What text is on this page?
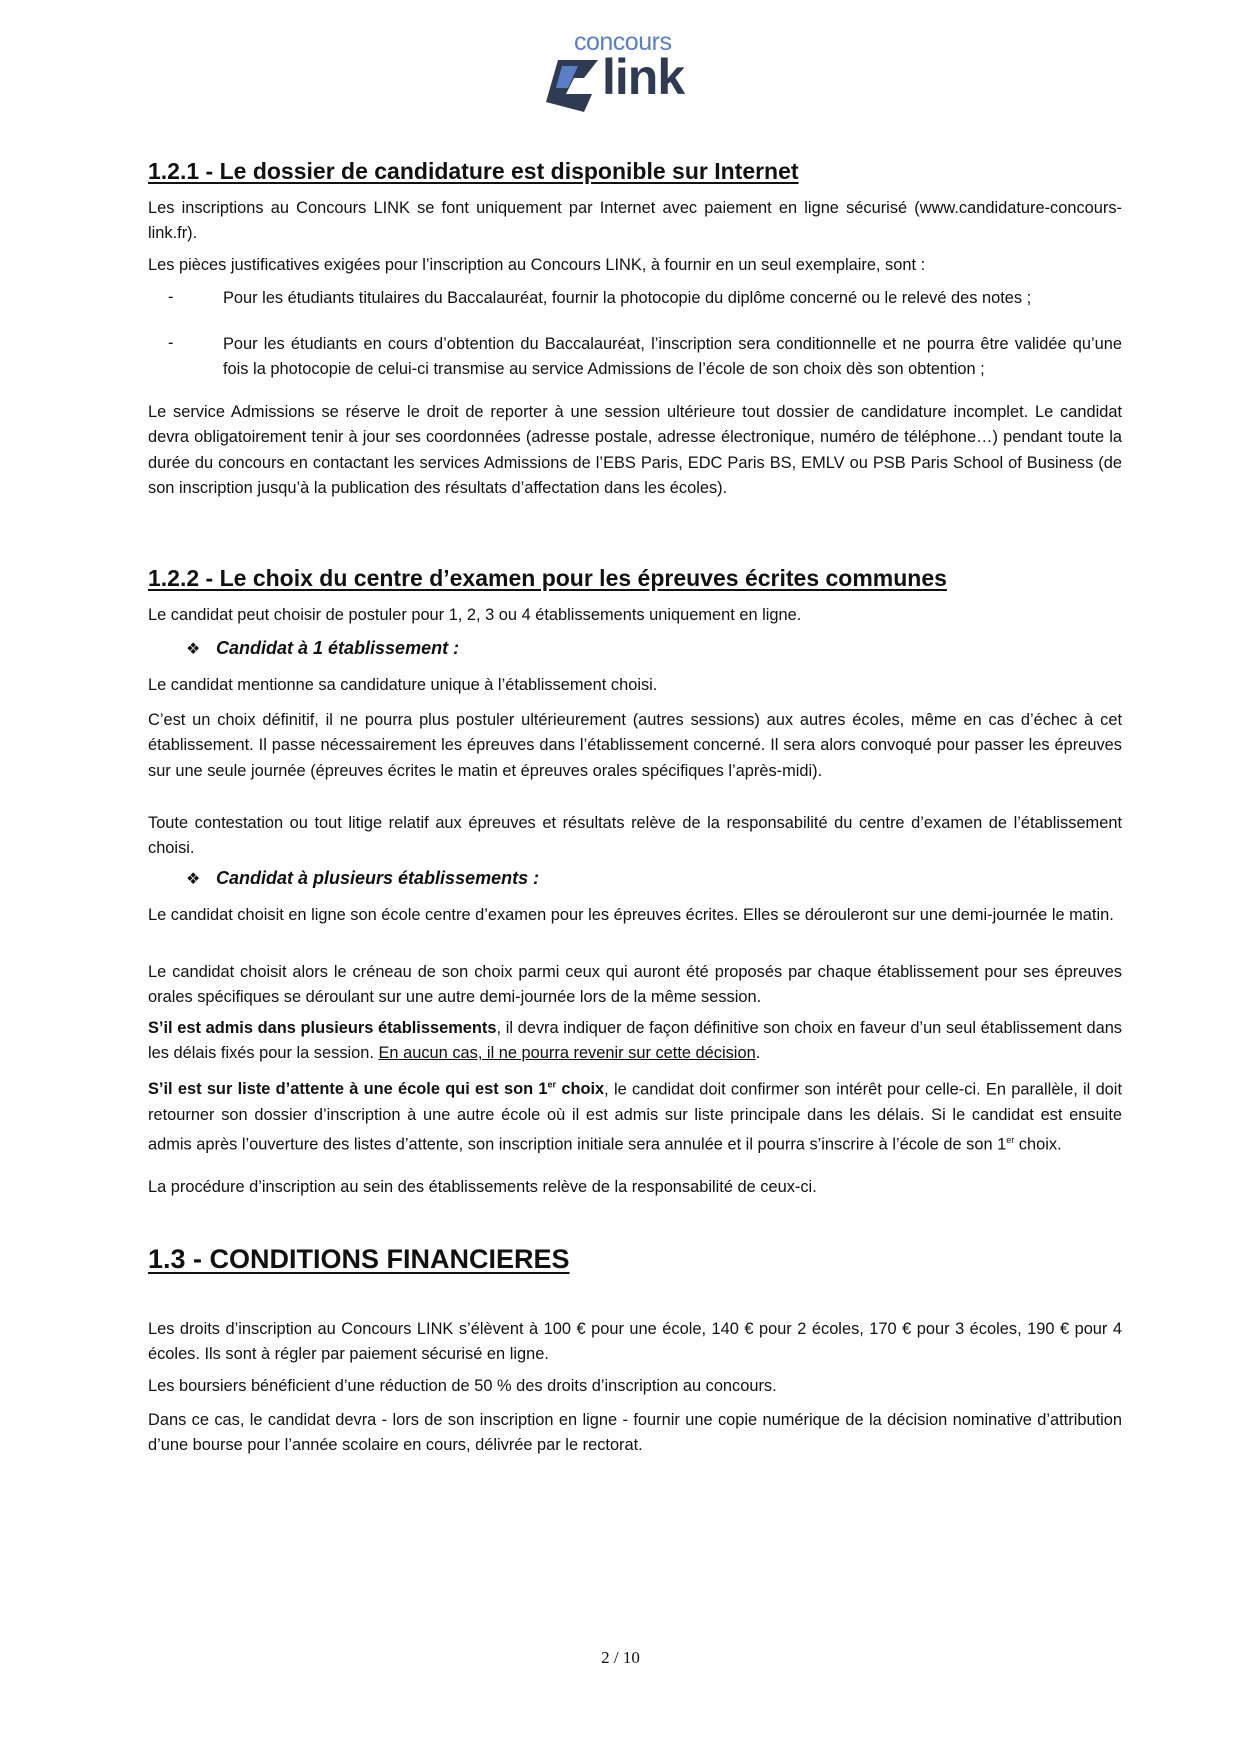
concours
link
1.2.1 - Le dossier de candidature est disponible sur Internet

Les inscriptions au Concours LINK se font uniquement par Internet avec paiement en ligne sécurisé (www.candidature-concours-link.fr).

Les pièces justificatives exigées pour l’inscription au Concours LINK, à fournir en un seul exemplaire, sont :

-	Pour les étudiants titulaires du Baccalauréat, fournir la photocopie du diplôme concerné ou le relevé des notes ;
-	Pour les étudiants en cours d’obtention du Baccalauréat, l’inscription sera conditionnelle et ne pourra être validée qu’une fois la photocopie de celui-ci transmise au service Admissions de l’école de son choix dès son obtention ;

Le service Admissions se réserve le droit de reporter à une session ultérieure tout dossier de candidature incomplet. Le candidat devra obligatoirement tenir à jour ses coordonnées (adresse postale, adresse électronique, numéro de téléphone…) pendant toute la durée du concours en contactant les services Admissions de l’EBS Paris, EDC Paris BS, EMLV ou PSB Paris School of Business (de son inscription jusqu’à la publication des résultats d’affectation dans les écoles).

1.2.2 - Le choix du centre d’examen pour les épreuves écrites communes

Le candidat peut choisir de postuler pour 1, 2, 3 ou 4 établissements uniquement en ligne.

❖ Candidat à 1 établissement :

Le candidat mentionne sa candidature unique à l’établissement choisi.

C’est un choix définitif, il ne pourra plus postuler ultérieurement (autres sessions) aux autres écoles, même en cas d’échec à cet établissement. Il passe nécessairement les épreuves dans l’établissement concerné. Il sera alors convoqué pour passer les épreuves sur une seule journée (épreuves écrites le matin et épreuves orales spécifiques l’après-midi).

Toute contestation ou tout litige relatif aux épreuves et résultats relève de la responsabilité du centre d’examen de l’établissement choisi.

❖ Candidat à plusieurs établissements :

Le candidat choisit en ligne son école centre d’examen pour les épreuves écrites. Elles se dérouleront sur une demi-journée le matin.

Le candidat choisit alors le créneau de son choix parmi ceux qui auront été proposés par chaque établissement pour ses épreuves orales spécifiques se déroulant sur une autre demi-journée lors de la même session.

S’il est admis dans plusieurs établissements, il devra indiquer de façon définitive son choix en faveur d’un seul établissement dans les délais fixés pour la session. En aucun cas, il ne pourra revenir sur cette décision.

S’il est sur liste d’attente à une école qui est son 1er choix, le candidat doit confirmer son intérêt pour celle-ci. En parallèle, il doit retourner son dossier d’inscription à une autre école où il est admis sur liste principale dans les délais. Si le candidat est ensuite admis après l’ouverture des listes d’attente, son inscription initiale sera annulée et il pourra s’inscrire à l’école de son 1er choix.

La procédure d’inscription au sein des établissements relève de la responsabilité de ceux-ci.

1.3 - CONDITIONS FINANCIERES

Les droits d’inscription au Concours LINK s’élèvent à 100 € pour une école, 140 € pour 2 écoles, 170 € pour 3 écoles, 190 € pour 4 écoles. Ils sont à régler par paiement sécurisé en ligne.

Les boursiers bénéficient d’une réduction de 50 % des droits d’inscription au concours.

Dans ce cas, le candidat devra - lors de son inscription en ligne - fournir une copie numérique de la décision nominative d’attribution d’une bourse pour l’année scolaire en cours, délivrée par le rectorat.

2 / 10
